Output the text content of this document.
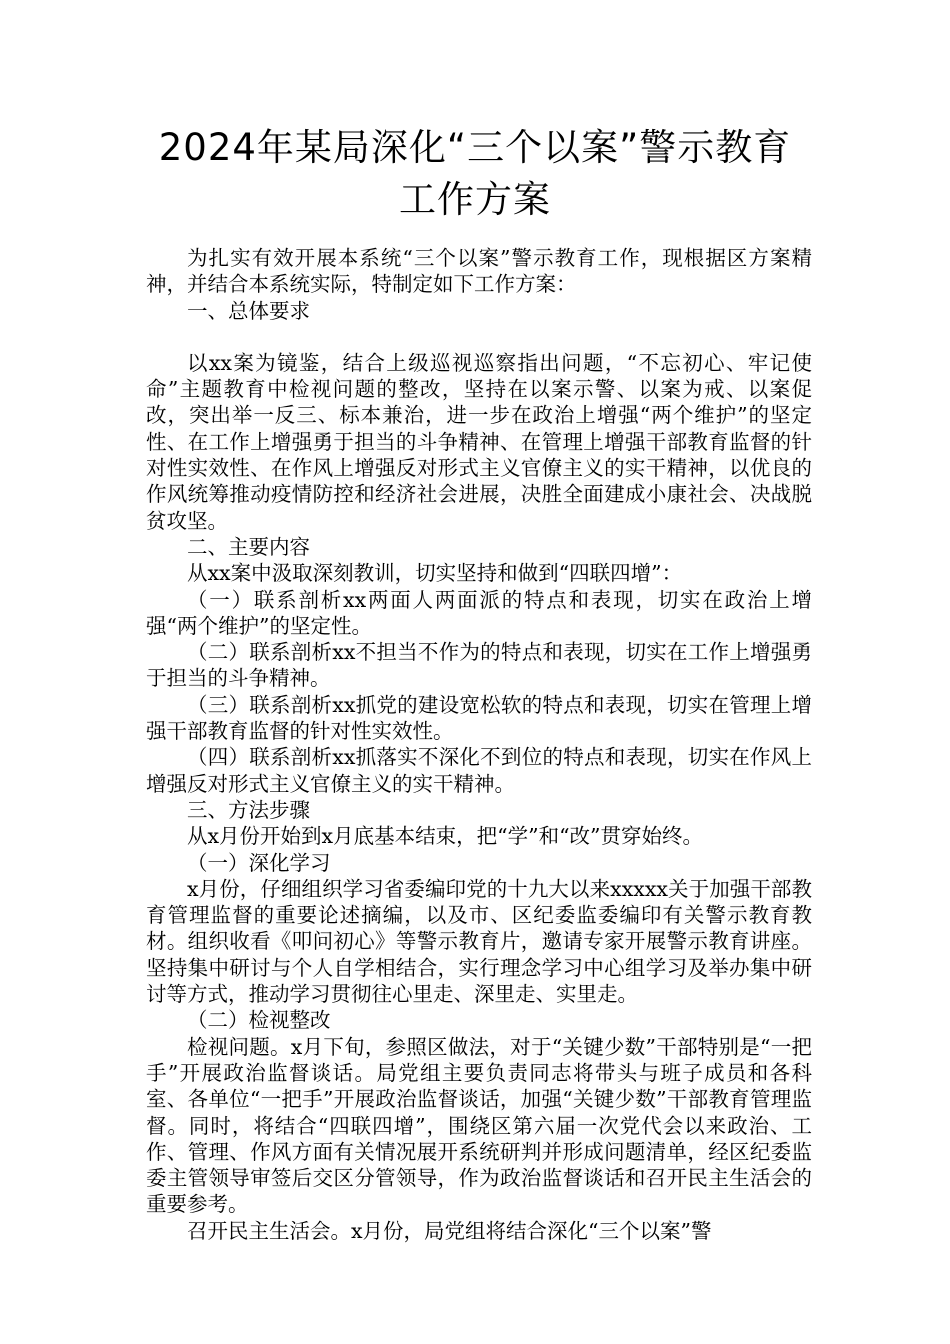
2024年某局深化“三个以案”警示教育
工作方案

为扎实有效开展本系统“三个以案”警示教育工作，现根据区方案精神，并结合本系统实际，特制定如下工作方案：

一、总体要求

以xx案为镜鉴，结合上级巡视巡察指出问题，“不忘初心、牢记使命”主题教育中检视问题的整改，坚持在以案示警、以案为戒、以案促改，突出举一反三、标本兼治，进一步在政治上增强“两个维护”的坚定性、在工作上增强勇于担当的斗争精神、在管理上增强干部教育监督的针对性实效性、在作风上增强反对形式主义官僚主义的实干精神，以优良的作风统筹推动疫情防控和经济社会进展，决胜全面建成小康社会、决战脱贫攻坚。

二、主要内容

从xx案中汲取深刻教训，切实坚持和做到“四联四增”：

（一）联系剖析xx两面人两面派的特点和表现，切实在政治上增强“两个维护”的坚定性。

（二）联系剖析xx不担当不作为的特点和表现，切实在工作上增强勇于担当的斗争精神。

（三）联系剖析xx抓党的建设宽松软的特点和表现，切实在管理上增强干部教育监督的针对性实效性。

（四）联系剖析xx抓落实不深化不到位的特点和表现，切实在作风上增强反对形式主义官僚主义的实干精神。

三、方法步骤

从x月份开始到x月底基本结束，把“学”和“改”贯穿始终。

（一）深化学习

x月份，仔细组织学习省委编印党的十九大以来xxxxx关于加强干部教育管理监督的重要论述摘编，以及市、区纪委监委编印有关警示教育教材。组织收看《叩问初心》等警示教育片，邀请专家开展警示教育讲座。坚持集中研讨与个人自学相结合，实行理念学习中心组学习及举办集中研讨等方式，推动学习贯彻往心里走、深里走、实里走。

（二）检视整改

检视问题。x月下旬，参照区做法，对于“关键少数”干部特别是“一把手”开展政治监督谈话。局党组主要负责同志将带头与班子成员和各科室、各单位“一把手”开展政治监督谈话，加强“关键少数”干部教育管理监督。同时，将结合“四联四增”，围绕区第六届一次党代会以来政治、工作、管理、作风方面有关情况展开系统研判并形成问题清单，经区纪委监委主管领导审签后交区分管领导，作为政治监督谈话和召开民主生活会的重要参考。

召开民主生活会。x月份，局党组将结合深化“三个以案”警
